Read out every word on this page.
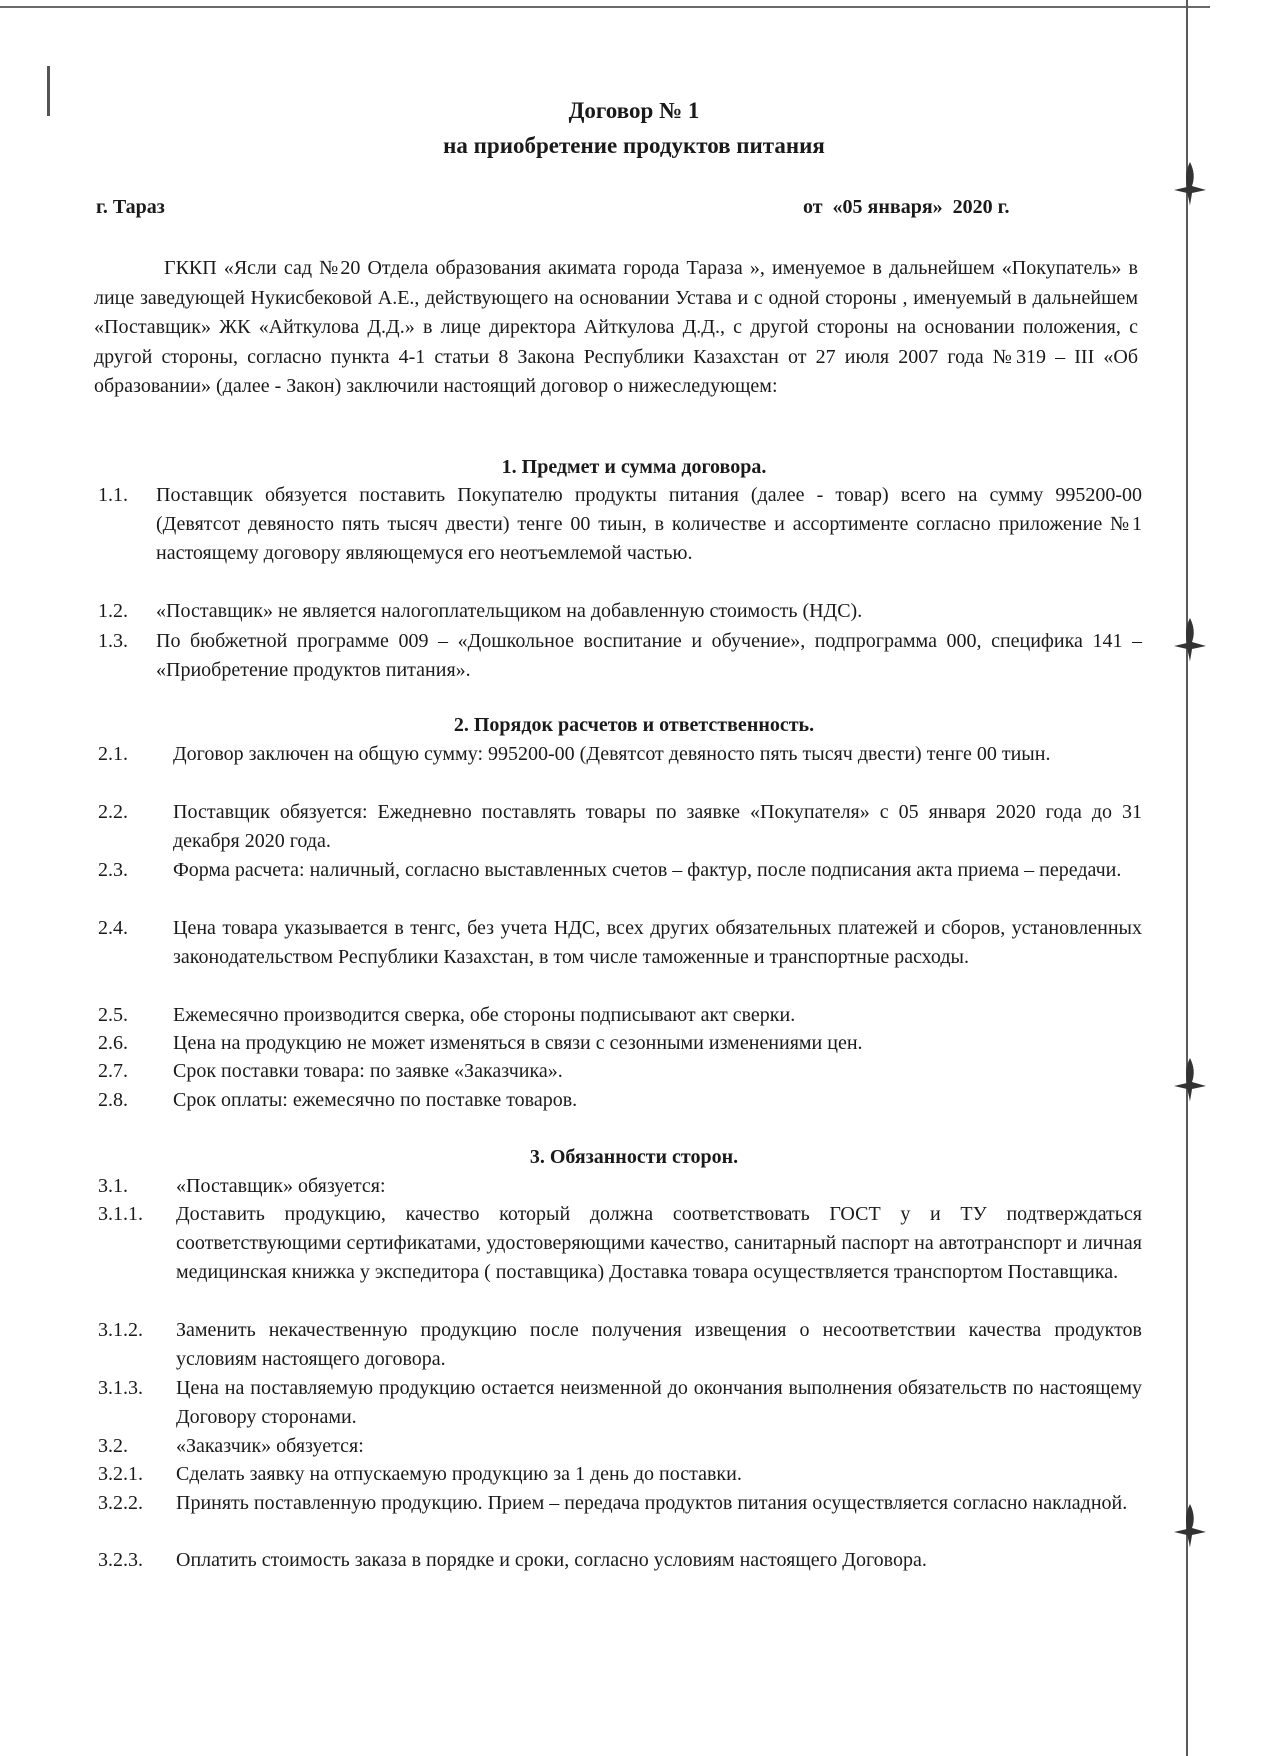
Договор № 1
на приобретение продуктов питания
г. Тараз	от  «05 января»  2020 г.

ГККП «Ясли сад №20 Отдела образования акимата города Тараза », именуемое в дальнейшем «Покупатель» в лице заведующей Нукисбековой А.Е., действующего на основании Устава и с одной стороны , именуемый в дальнейшем «Поставщик» ЖК «Айткулова Д.Д.» в лице директора Айткулова Д.Д., с другой стороны на основании положения, с другой стороны, согласно пункта 4-1 статьи 8 Закона Республики Казахстан от 27 июля 2007 года №319 – III «Об образовании» (далее - Закон) заключили настоящий договор о нижеследующем:

1. Предмет и сумма договора.
1.1. Поставщик обязуется поставить Покупателю продукты питания (далее - товар) всего на сумму 995200-00 (Девятсот девяносто пять тысяч двести) тенге 00 тиын, в количестве и ассортименте согласно приложение №1 настоящему договору являющемуся его неотъемлемой частью.

1.2. «Поставщик» не является налогоплательщиком на добавленную стоимость (НДС).

1.3. По бюбжетной программе 009 – «Дошкольное воспитание и обучение», подпрограмма 000, специфика 141 – «Приобретение продуктов питания».

2. Порядок расчетов и ответственность.
2.1. Договор заключен на общую сумму: 995200-00 (Девятсот девяносто пять тысяч двести) тенге 00 тиын.

2.2. Поставщик обязуется: Ежедневно поставлять товары по заявке «Покупателя» с 05 января 2020 года до 31 декабря 2020 года.

2.3. Форма расчета: наличный, согласно выставленных счетов – фактур, после подписания акта приема – передачи.

2.4. Цена товара указывается в тенгс, без учета НДС, всех других обязательных платежей и сборов, установленных законодательством Республики Казахстан, в том числе таможенные и транспортные расходы.

2.5. Ежемесячно производится сверка, обе стороны подписывают акт сверки.

2.6. Цена на продукцию не может изменяться в связи с сезонными изменениями цен.

2.7. Срок поставки товара: по заявке «Заказчика».

2.8. Срок оплаты: ежемесячно по поставке товаров.

3. Обязанности сторон.
3.1. «Поставщик» обязуется:

3.1.1. Доставить продукцию, качество который должна соответствовать ГОСТ у и ТУ подтверждаться соответствующими сертификатами, удостоверяющими качество, санитарный паспорт на автотранспорт и личная медицинская книжка у экспедитора ( поставщика) Доставка товара осуществляется транспортом Поставщика.

3.1.2. Заменить некачественную продукцию после получения извещения о несоответствии качества продуктов условиям настоящего договора.

3.1.3. Цена на поставляемую продукцию остается неизменной до окончания выполнения обязательств по настоящему Договору сторонами.

3.2. «Заказчик» обязуется:

3.2.1. Сделать заявку на отпускаемую продукцию за 1 день до поставки.

3.2.2. Принять поставленную продукцию. Прием – передача продуктов питания осуществляется согласно накладной.

3.2.3. Оплатить стоимость заказа в порядке и сроки, согласно условиям настоящего Договора.
